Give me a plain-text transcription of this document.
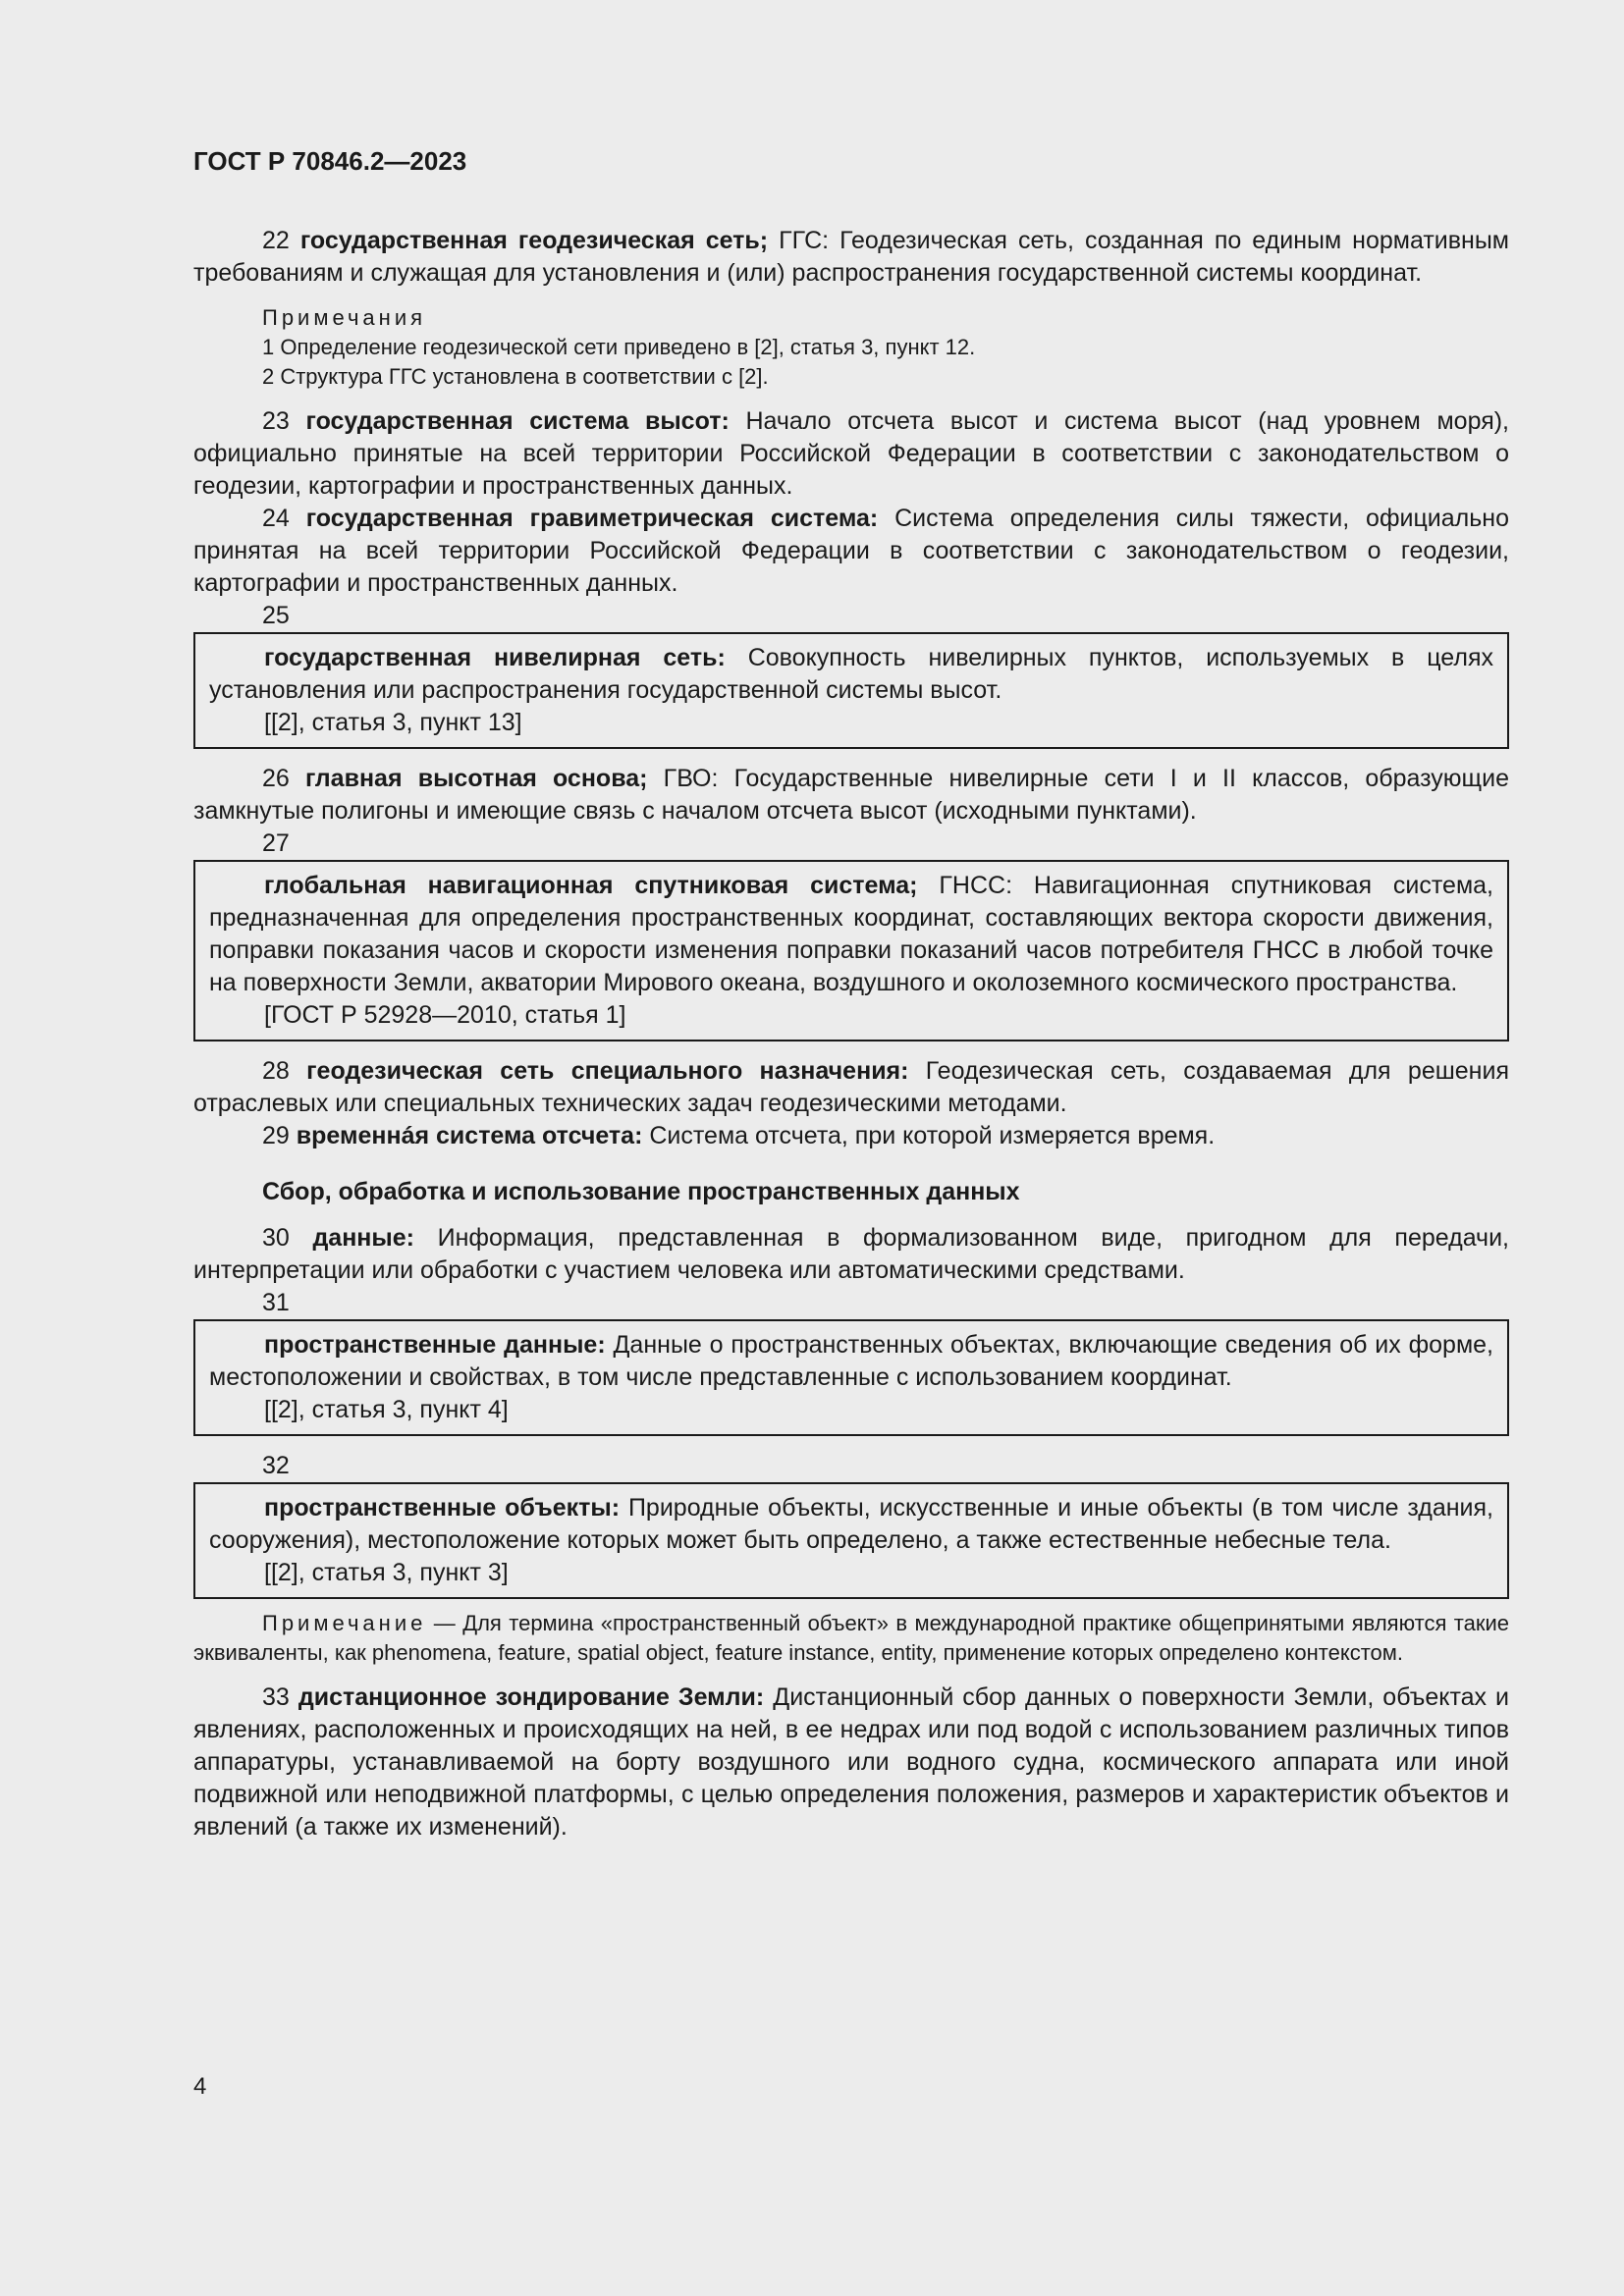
ГОСТ Р 70846.2—2023

22 государственная геодезическая сеть; ГГС: Геодезическая сеть, созданная по единым нормативным требованиям и служащая для установления и (или) распространения государственной системы координат.

Примечания
1 Определение геодезической сети приведено в [2], статья 3, пункт 12.
2 Структура ГГС установлена в соответствии с [2].

23 государственная система высот: Начало отсчета высот и система высот (над уровнем моря), официально принятые на всей территории Российской Федерации в соответствии с законодательством о геодезии, картографии и пространственных данных.

24 государственная гравиметрическая система: Система определения силы тяжести, официально принятая на всей территории Российской Федерации в соответствии с законодательством о геодезии, картографии и пространственных данных.

25

государственная нивелирная сеть: Совокупность нивелирных пунктов, используемых в целях установления или распространения государственной системы высот.

[[2], статья 3, пункт 13]

26 главная высотная основа; ГВО: Государственные нивелирные сети I и II классов, образующие замкнутые полигоны и имеющие связь с началом отсчета высот (исходными пунктами).

27

глобальная навигационная спутниковая система; ГНСС: Навигационная спутниковая система, предназначенная для определения пространственных координат, составляющих вектора скорости движения, поправки показания часов и скорости изменения поправки показаний часов потребителя ГНСС в любой точке на поверхности Земли, акватории Мирового океана, воздушного и околоземного космического пространства.

[ГОСТ Р 52928—2010, статья 1]

28 геодезическая сеть специального назначения: Геодезическая сеть, создаваемая для решения отраслевых или специальных технических задач геодезическими методами.

29 временнáя система отсчета: Система отсчета, при которой измеряется время.

Сбор, обработка и использование пространственных данных

30 данные: Информация, представленная в формализованном виде, пригодном для передачи, интерпретации или обработки с участием человека или автоматическими средствами.

31

пространственные данные: Данные о пространственных объектах, включающие сведения об их форме, местоположении и свойствах, в том числе представленные с использованием координат.

[[2], статья 3, пункт 4]
32

пространственные объекты: Природные объекты, искусственные и иные объекты (в том числе здания, сооружения), местоположение которых может быть определено, а также естественные небесные тела.

[[2], статья 3, пункт 3]

Примечание — Для термина «пространственный объект» в международной практике общепринятыми являются такие эквиваленты, как phenomena, feature, spatial object, feature instance, entity, применение которых определено контекстом.

33 дистанционное зондирование Земли: Дистанционный сбор данных о поверхности Земли, объектах и явлениях, расположенных и происходящих на ней, в ее недрах или под водой с использованием различных типов аппаратуры, устанавливаемой на борту воздушного или водного судна, космического аппарата или иной подвижной или неподвижной платформы, с целью определения положения, размеров и характеристик объектов и явлений (а также их изменений).

4
